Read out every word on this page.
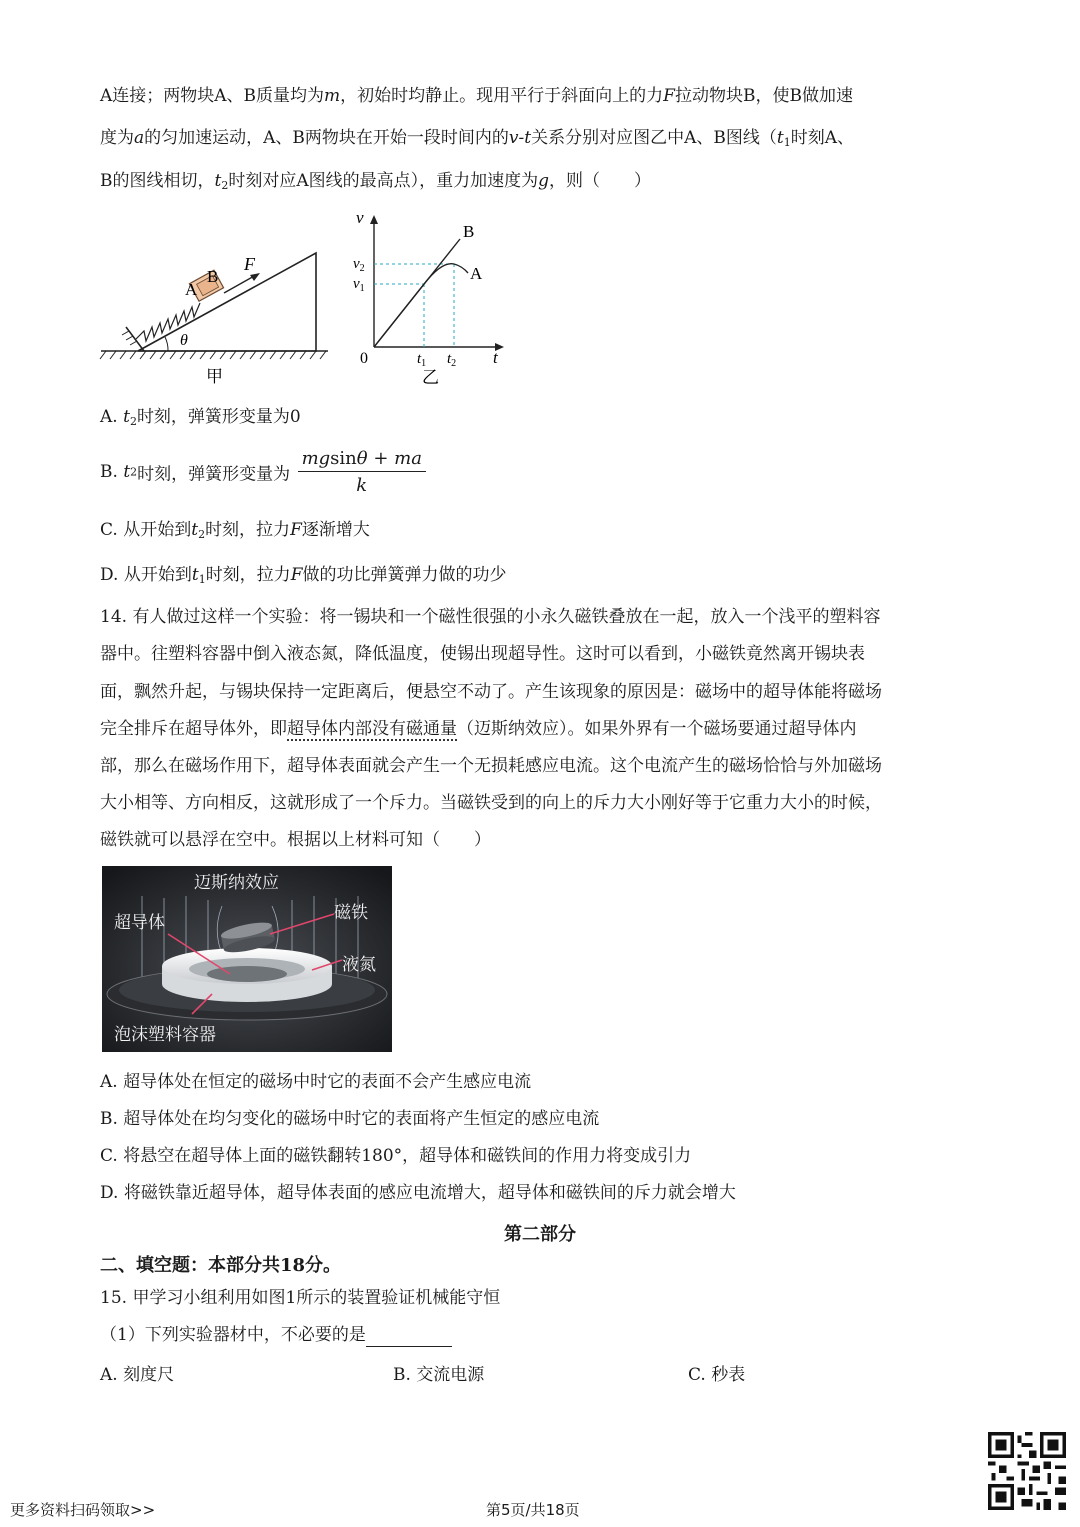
A连接；两物块A、B质量均为m，初始时均静止。现用平行于斜面向上的力F拉动物块B，使B做加速
度为a的匀加速运动，A、B两物块在开始一段时间内的v-t关系分别对应图乙中A、B图线（$t_1$时刻A、
B的图线相切，$t_2$时刻对应A图线的最高点），重力加速度为g，则（　　）
F
A
B
θ
甲
v
t
0
B
A
$v_2$
$v_1$
$t_1$ $t_2$
乙
A. $t_2$时刻，弹簧形变量为0
B. t2时刻，弹簧形变量为 $\frac{mgsin\theta + ma}{k}$
C. 从开始到$t_2$时刻，拉力F逐渐增大
D. 从开始到$t_1$时刻，拉力F做的功比弹簧弹力做的功少
14. 有人做过这样一个实验：将一锡块和一个磁性很强的小永久磁铁叠放在一起，放入一个浅平的塑料容
器中。往塑料容器中倒入液态氮，降低温度，使锡出现超导性。这时可以看到，小磁铁竟然离开锡块表
面，飘然升起，与锡块保持一定距离后，便悬空不动了。产生该现象的原因是：磁场中的超导体能将磁场
完全排斥在超导体外，即超导体内部没有磁通量（迈斯纳效应）。如果外界有一个磁场要通过超导体内
部，那么在磁场作用下，超导体表面就会产生一个无损耗感应电流。这个电流产生的磁场恰恰与外加磁场
大小相等、方向相反，这就形成了一个斥力。当磁铁受到的向上的斥力大小刚好等于它重力大小的时候，
磁铁就可以悬浮在空中。根据以上材料可知（　　）
迈斯纳效应
超导体	磁铁
液氮
泡沫塑料容器
A. 超导体处在恒定的磁场中时它的表面不会产生感应电流
B. 超导体处在均匀变化的磁场中时它的表面将产生恒定的感应电流
C. 将悬空在超导体上面的磁铁翻转180°，超导体和磁铁间的作用力将变成引力
D. 将磁铁靠近超导体，超导体表面的感应电流增大，超导体和磁铁间的斥力就会增大
第二部分
二、填空题：本部分共18分。
15. 甲学习小组利用如图1所示的装置验证机械能守恒
（1）下列实验器材中，不必要的是
A. 刻度尺	B. 交流电源	C. 秒表
更多资料扫码领取>>	第5页/共18页
